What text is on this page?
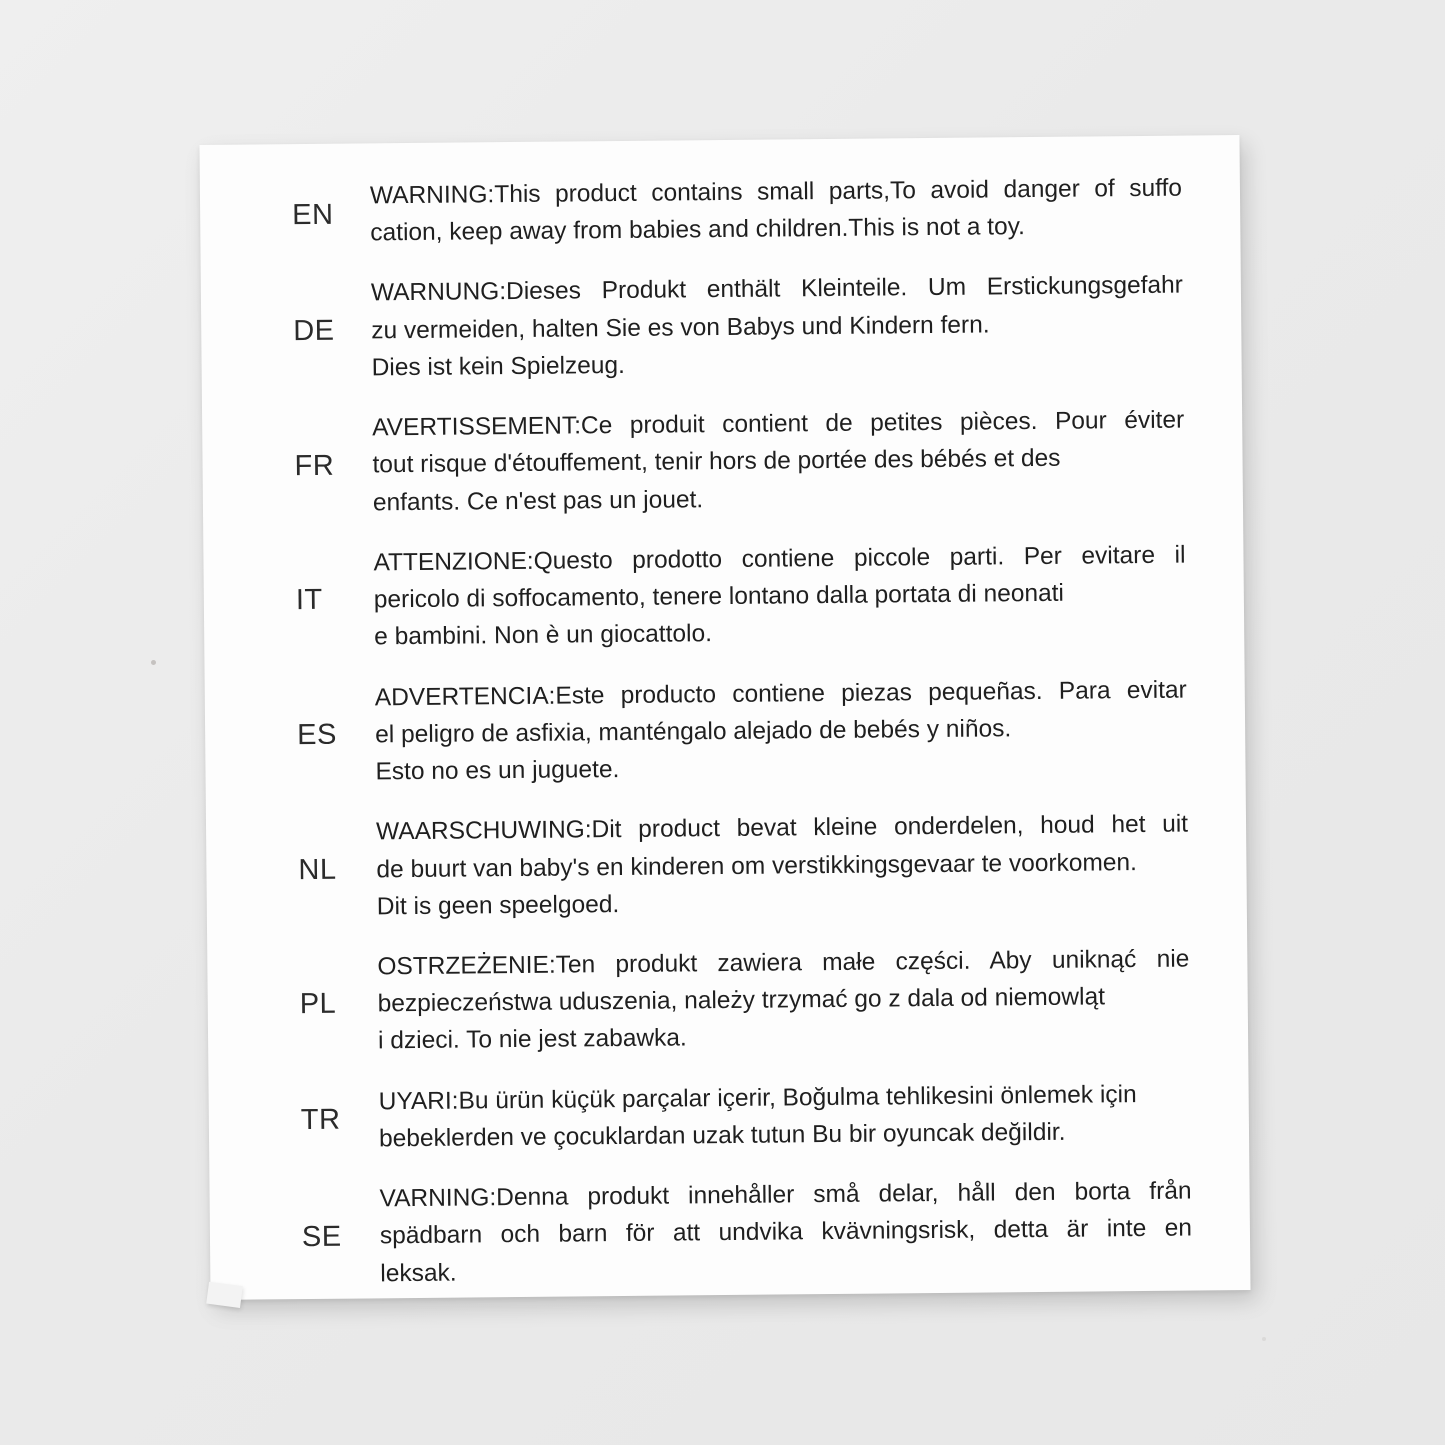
EN
WARNING:This product contains small parts,To avoid danger of suffo
cation, keep away from babies and children.This is not a toy.
DE
WARNUNG:Dieses Produkt enthält Kleinteile. Um Erstickungsgefahr
zu vermeiden, halten Sie es von Babys und Kindern fern.
Dies ist kein Spielzeug.
FR
AVERTISSEMENT:Ce produit contient de petites pièces. Pour éviter
tout risque d'étouffement, tenir hors de portée des bébés et des
enfants. Ce n'est pas un jouet.
IT
ATTENZIONE:Questo prodotto contiene piccole parti. Per evitare il
pericolo di soffocamento, tenere lontano dalla portata di neonati
e bambini. Non è un giocattolo.
ES
ADVERTENCIA:Este producto contiene piezas pequeñas. Para evitar
el peligro de asfixia, manténgalo alejado de bebés y niños.
Esto no es un juguete.
NL
WAARSCHUWING:Dit product bevat kleine onderdelen, houd het uit
de buurt van baby's en kinderen om verstikkingsgevaar te voorkomen.
Dit is geen speelgoed.
PL
OSTRZEŻENIE:Ten produkt zawiera małe części. Aby uniknąć nie
bezpieczeństwa uduszenia, należy trzymać go z dala od niemowląt
i dzieci. To nie jest zabawka.
TR
UYARI:Bu ürün küçük parçalar içerir, Boğulma tehlikesini önlemek için
bebeklerden ve çocuklardan uzak tutun Bu bir oyuncak değildir.
SE
VARNING:Denna produkt innehåller små delar, håll den borta från
spädbarn och barn för att undvika kvävningsrisk, detta är inte en
leksak.
